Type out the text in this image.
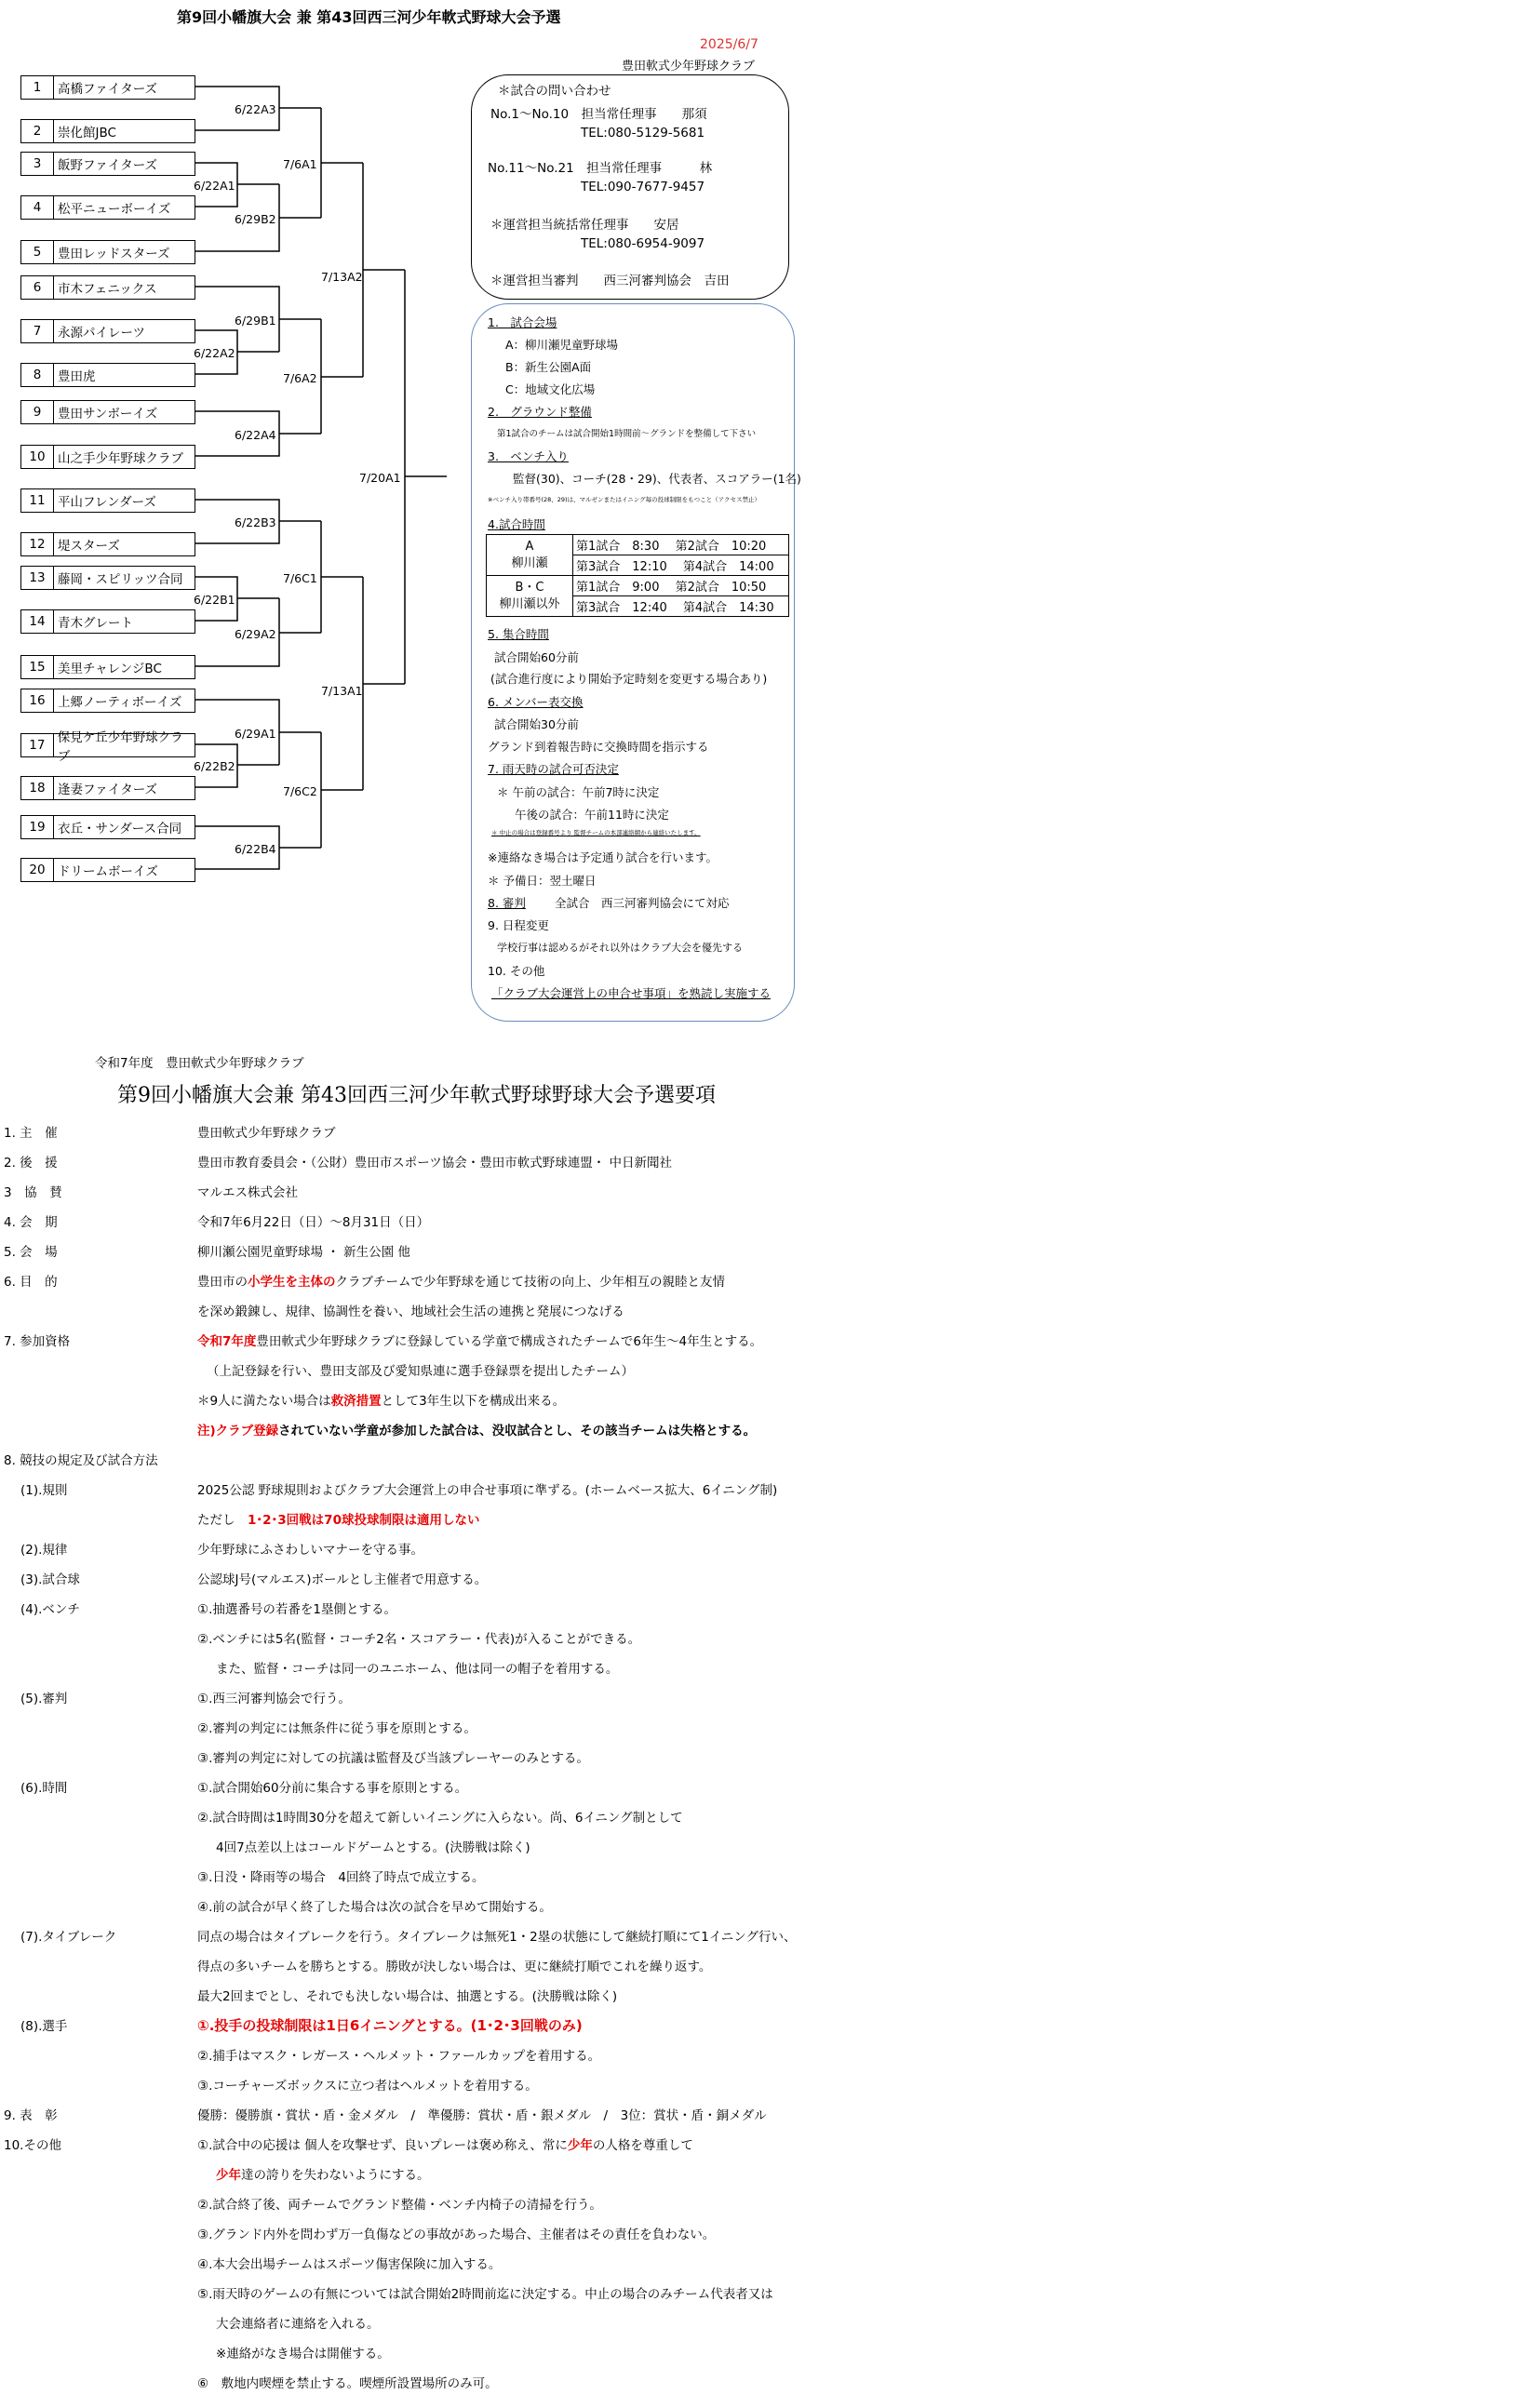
第9回小幡旗大会 兼 第43回西三河少年軟式野球大会予選
2025/6/7
豊田軟式少年野球クラブ
1	高橋ファイターズ
2	崇化館JBC
3	飯野ファイターズ
4	松平ニューボーイズ
5	豊田レッドスターズ
6	市木フェニックス
7	永源パイレーツ
8	豊田虎
9	豊田サンボーイズ
10 山之手少年野球クラブ
11 平山フレンダーズ
12 堤スターズ
13 藤岡・スピリッツ合同
14 青木グレート
15 美里チャレンジBC
16 上郷ノーティボーイズ
17 保見ケ丘少年野球クラブ
18 逢妻ファイターズ
19 衣丘・サンダース合同
20 ドリームボーイズ
6/22A3
6/22A1
6/29B2
7/6A1
6/29B1
6/22A2
6/22A4
7/6A2
7/13A2
7/20A1
6/22B3
6/22B1
6/29A2
7/6C1
6/29A1
6/22B2
6/22B4
7/6C2
7/13A1
＊試合の問い合わせ
No.1～No.10　担当常任理事　　那須
TEL:080-5129-5681
No.11～No.21　担当常任理事　　　林
TEL:090-7677-9457
＊運営担当統括常任理事　　安居
TEL:080-6954-9097
＊運営担当審判　　西三河審判協会　吉田
1.　試合会場
A：柳川瀬児童野球場
B：新生公園A面
C：地域文化広場
2.　グラウンド整備
第1試合のチームは試合開始1時間前～グランドを整備して下さい
3.　ベンチ入り
監督(30)、コーチ(28・29)、代表者、スコアラー(1名)
※ベンチ入り帯番号(28、29)は、マルゼンまたはイニング毎の投球制限をもつこと（アクセス禁止）
4.試合時間
A
柳川瀬	第1試合　8:30　 第2試合　10:20
	第3試合　12:10　 第4試合　14:00
B・C
柳川瀬以外	第1試合　9:00　 第2試合　10:50
	第3試合　12:40　 第4試合　14:30
5. 集合時間
試合開始60分前
(試合進行度により開始予定時刻を変更する場合あり)
6. メンバー表交換
試合開始30分前
グランド到着報告時に交換時間を指示する
7. 雨天時の試合可否決定
＊ 午前の試合：午前7時に決定
午後の試合：午前11時に決定
＊ 中止の場合は登録番号より 監督チームの本部連絡網から連絡いたします。
※連絡なき場合は予定通り試合を行います。
＊ 予備日：翌土曜日
8. 審判 全試合　西三河審判協会にて対応
9. 日程変更
学校行事は認めるがそれ以外はクラブ大会を優先する
10. その他
「クラブ大会運営上の申合せ事項」を熟読し実施する
令和7年度　豊田軟式少年野球クラブ
第9回小幡旗大会兼 第43回西三河少年軟式野球野球大会予選要項
1. 主　催	豊田軟式少年野球クラブ
2. 後　援	豊田市教育委員会・（公財）豊田市スポーツ協会・豊田市軟式野球連盟・ 中日新聞社
3　協　賛	マルエス株式会社
4. 会　期	令和7年6月22日（日）～8月31日（日）
5. 会　場	柳川瀬公園児童野球場 ・ 新生公園 他
6. 目　的	豊田市の小学生を主体のクラブチームで少年野球を通じて技術の向上、少年相互の親睦と友情
を深め鍛錬し、規律、協調性を養い、地域社会生活の連携と発展につなげる
7. 参加資格	令和7年度豊田軟式少年野球クラブに登録している学童で構成されたチームで6年生～4年生とする。
（上記登録を行い、豊田支部及び愛知県連に選手登録票を提出したチーム）
＊9人に満たない場合は救済措置として3年生以下を構成出来る。
注)クラブ登録されていない学童が参加した試合は、没収試合とし、その該当チームは失格とする。
8. 競技の規定及び試合方法
(1).規則	2025公認 野球規則およびクラブ大会運営上の申合せ事項に準ずる。(ホームベース拡大、6イニング制)
ただし　 1･2･3回戦は70球投球制限は適用しない
(2).規律	少年野球にふさわしいマナーを守る事。
(3).試合球	公認球J号(マルエス)ボールとし主催者で用意する。
(4).ベンチ	①.抽選番号の若番を1塁側とする。
②.ベンチには5名(監督・コーチ2名・スコアラー・代表)が入ることができる。
また、監督・コーチは同一のユニホーム、他は同一の帽子を着用する。
(5).審判	①.西三河審判協会で行う。
②.審判の判定には無条件に従う事を原則とする。
③.審判の判定に対しての抗議は監督及び当該プレーヤーのみとする。
(6).時間	①.試合開始60分前に集合する事を原則とする。
②.試合時間は1時間30分を超えて新しいイニングに入らない。尚、6イニング制として
4回7点差以上はコールドゲームとする。(決勝戦は除く)
③.日没・降雨等の場合　4回終了時点で成立する。
④.前の試合が早く終了した場合は次の試合を早めて開始する。
(7).タイブレーク	同点の場合はタイブレークを行う。タイブレークは無死1・2塁の状態にして継続打順にて1イニング行い、
得点の多いチームを勝ちとする。勝敗が決しない場合は、更に継続打順でこれを繰り返す。
最大2回までとし、それでも決しない場合は、抽選とする。(決勝戦は除く)
(8).選手	①.投手の投球制限は1日6イニングとする。(1･2･3回戦のみ)
②.捕手はマスク・レガース・ヘルメット・ファールカップを着用する。
③.コーチャーズボックスに立つ者はヘルメットを着用する。
9. 表　彰	優勝：優勝旗・賞状・盾・金メダル　/　準優勝：賞状・盾・銀メダル　/　3位：賞状・盾・銅メダル
10.その他	①.試合中の応援は 個人を攻撃せず、良いプレーは褒め称え、常に少年の人格を尊重して
少年達の誇りを失わないようにする。
②.試合終了後、両チームでグランド整備・ベンチ内椅子の清掃を行う。
③.グランド内外を問わず万一負傷などの事故があった場合、主催者はその責任を負わない。
④.本大会出場チームはスポーツ傷害保険に加入する。
⑤.雨天時のゲームの有無については試合開始2時間前迄に決定する。中止の場合のみチーム代表者又は
大会連絡者に連絡を入れる。
※連絡がなき場合は開催する。
⑥　敷地内喫煙を禁止する。喫煙所設置場所のみ可。
